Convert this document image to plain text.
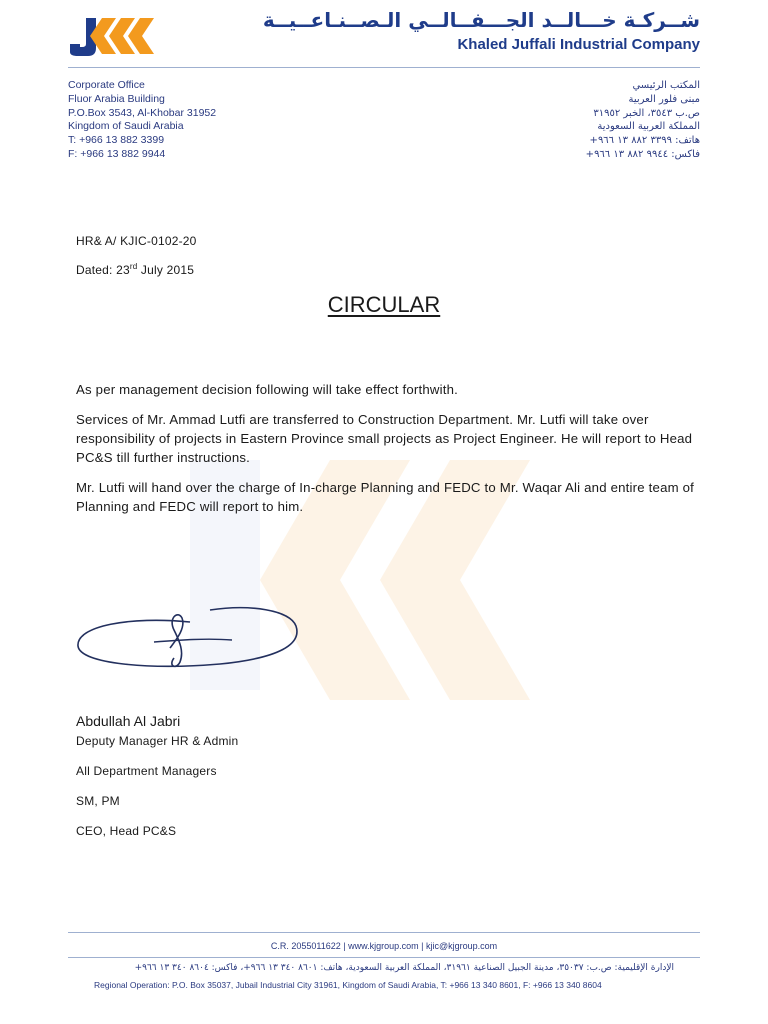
شــركـة خـــالــد الجـــفــالــي الـصــنـاعــيــة
Khaled Juffali Industrial Company
Corporate Office
Fluor Arabia Building
P.O.Box 3543, Al-Khobar 31952
Kingdom of Saudi Arabia
T: +966 13 882 3399
F: +966 13 882 9944
المكتب الرئيسي
مبنى فلور العربية
ص.ب ٣٥٤٣، الخبر ٣١٩٥٢
المملكة العربية السعودية
هاتف: ٣٣٩٩ ٨٨٢ ١٣ ٩٦٦+
فاكس: ٩٩٤٤ ٨٨٢ ١٣ ٩٦٦+
HR& A/ KJIC-0102-20
Dated: 23rd July 2015
CIRCULAR

As per management decision following will take effect forthwith.

Services of Mr. Ammad Lutfi are transferred to Construction Department. Mr. Lutfi will take over responsibility of projects in Eastern Province small projects as Project Engineer. He will report to Head PC&S till further instructions.

Mr. Lutfi will hand over the charge of In-charge Planning and FEDC to Mr. Waqar Ali and entire team of Planning and FEDC will report to him.

Abdullah Al Jabri
Deputy Manager HR & Admin
All Department Managers
SM, PM
CEO, Head PC&S
C.R. 2055011622 | www.kjgroup.com | kjic@kjgroup.com
الإدارة الإقليمية: ص.ب: ٣٥٠٣٧، مدينة الجبيل الصناعية ٣١٩٦١، المملكة العربية السعودية، هاتف: ٨٦٠١ ٣٤٠ ١٣ ٩٦٦+، فاكس: ٨٦٠٤ ٣٤٠ ١٣ ٩٦٦+
Regional Operation: P.O. Box 35037, Jubail Industrial City 31961, Kingdom of Saudi Arabia, T: +966 13 340 8601, F: +966 13 340 8604
